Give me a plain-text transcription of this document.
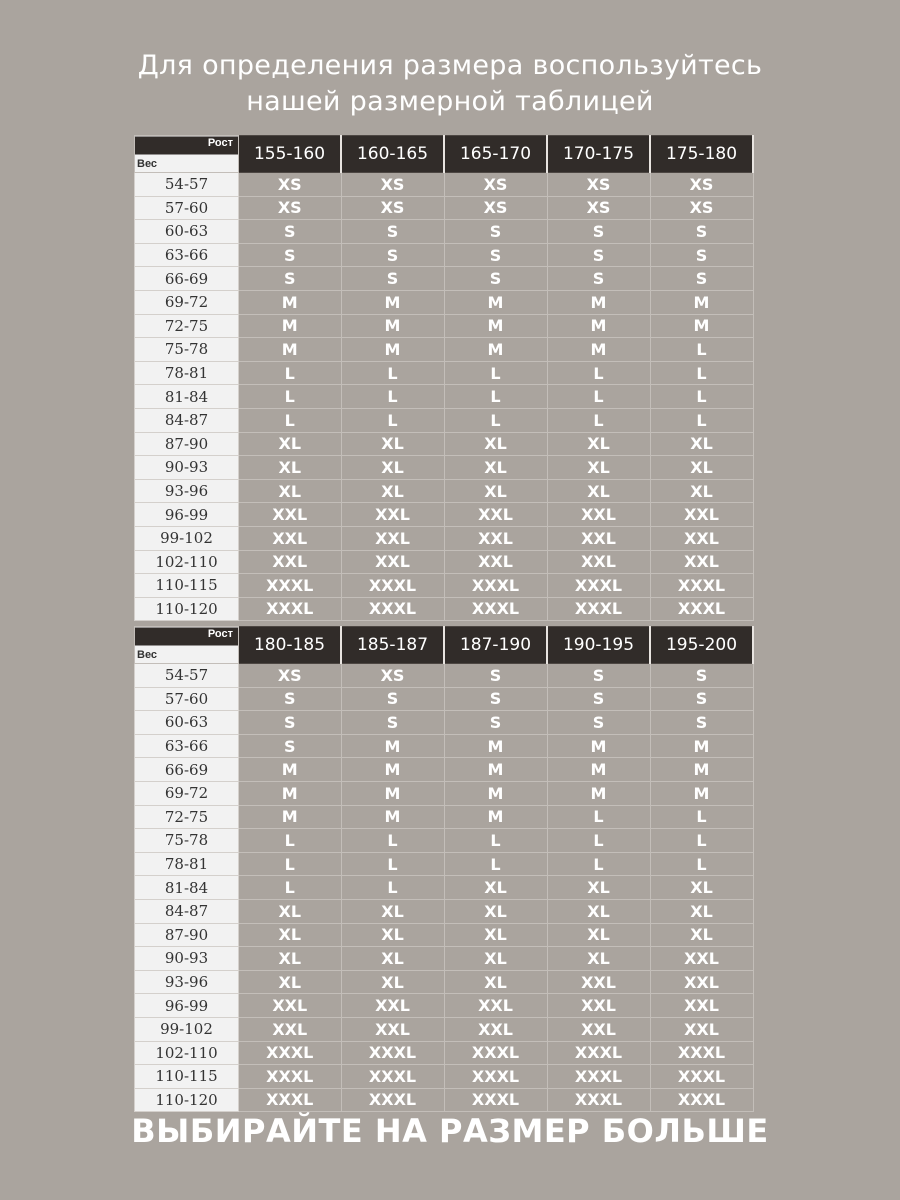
Для определения размера воспользуйтесь
нашей размерной таблицей
Рост
Вес	155-160	160-165	165-170	170-175	175-180
54-57	XS	XS	XS	XS	XS
57-60	XS	XS	XS	XS	XS
60-63	S	S	S	S	S
63-66	S	S	S	S	S
66-69	S	S	S	S	S
69-72	M	M	M	M	M
72-75	M	M	M	M	M
75-78	M	M	M	M	L
78-81	L	L	L	L	L
81-84	L	L	L	L	L
84-87	L	L	L	L	L
87-90	XL	XL	XL	XL	XL
90-93	XL	XL	XL	XL	XL
93-96	XL	XL	XL	XL	XL
96-99	XXL	XXL	XXL	XXL	XXL
99-102	XXL	XXL	XXL	XXL	XXL
102-110	XXL	XXL	XXL	XXL	XXL
110-115	XXXL	XXXL	XXXL	XXXL	XXXL
110-120	XXXL	XXXL	XXXL	XXXL	XXXL
Рост
Вес	180-185	185-187	187-190	190-195	195-200
54-57	XS	XS	S	S	S
57-60	S	S	S	S	S
60-63	S	S	S	S	S
63-66	S	M	M	M	M
66-69	M	M	M	M	M
69-72	M	M	M	M	M
72-75	M	M	M	L	L
75-78	L	L	L	L	L
78-81	L	L	L	L	L
81-84	L	L	XL	XL	XL
84-87	XL	XL	XL	XL	XL
87-90	XL	XL	XL	XL	XL
90-93	XL	XL	XL	XL	XXL
93-96	XL	XL	XL	XXL	XXL
96-99	XXL	XXL	XXL	XXL	XXL
99-102	XXL	XXL	XXL	XXL	XXL
102-110	XXXL	XXXL	XXXL	XXXL	XXXL
110-115	XXXL	XXXL	XXXL	XXXL	XXXL
110-120	XXXL	XXXL	XXXL	XXXL	XXXL
ВЫБИРАЙТЕ НА РАЗМЕР БОЛЬШЕ
